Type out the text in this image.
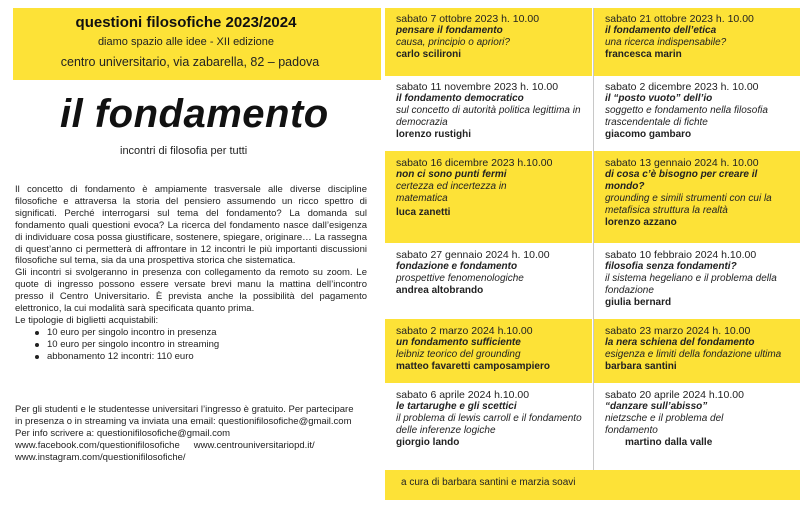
questioni filosofiche 2023/2024
diamo spazio alle idee - XII edizione
centro universitario, via zabarella, 82 – padova
il fondamento
incontri di filosofia per tutti

Il concetto di fondamento è ampiamente trasversale alle diverse discipline filosofiche e attraversa la storia del pensiero assumendo un ricco spettro di significati. Perché interrogarsi sul tema del fondamento? La domanda sul fondamento quali questioni evoca? La ricerca del fondamento nasce dall’esigenza di individuare cosa possa giustificare, sostenere, spiegare, originare… La rassegna di quest’anno ci permetterà di affrontare in 12 incontri le più importanti discussioni filosofiche sul tema, sia da una prospettiva storica che sistematica.

Gli incontri si svolgeranno in presenza con collegamento da remoto su zoom. Le quote di ingresso possono essere versate brevi manu la mattina dell’incontro presso il Centro Universitario. È prevista anche la possibilità del pagamento elettronico, la cui modalità sarà specificata quanto prima.

Le tipologie di biglietti acquistabili:

10 euro per singolo incontro in presenza
10 euro per singolo incontro in streaming
abbonamento 12 incontri: 110 euro
Per gli studenti e le studentesse universitari l’ingresso è gratuito. Per partecipare
in presenza o in streaming va inviata una email: questionifilosofiche@gmail.com
Per info scrivere a: questionifilosofiche@gmail.com
www.facebook.com/questionifilosofiche www.centrouniversitariopd.it/
www.instagram.com/questionifilosofiche/
sabato 7 ottobre 2023 h. 10.00
pensare il fondamento
causa, principio o apriori?
carlo scilironi
sabato 21 ottobre 2023 h. 10.00
il fondamento dell’etica
una ricerca indispensabile?
francesca marin
sabato 11 novembre 2023 h. 10.00
il fondamento democratico
sul concetto di autorità politica legittima in democrazia
lorenzo rustighi
sabato 2 dicembre 2023 h. 10.00
il “posto vuoto” dell’io
soggetto e fondamento nella filosofia trascendentale di fichte
giacomo gambaro
sabato 16 dicembre 2023 h.10.00
non ci sono punti fermi
certezza ed incertezza in matematica
luca zanetti
sabato 13 gennaio 2024 h. 10.00
di cosa c’è bisogno per creare il mondo?
grounding e simili strumenti con cui la metafisica struttura la realtà
lorenzo azzano
sabato 27 gennaio 2024 h. 10.00
fondazione e fondamento
prospettive fenomenologiche
andrea altobrando
sabato 10 febbraio 2024 h.10.00
filosofia senza fondamenti?
il sistema hegeliano e il problema della fondazione
giulia bernard
sabato 2 marzo 2024 h.10.00
un fondamento sufficiente
leibniz teorico del grounding
matteo favaretti camposampiero
sabato 23 marzo 2024 h. 10.00
la nera schiena del fondamento
esigenza e limiti della fondazione ultima
barbara santini
sabato 6 aprile 2024 h.10.00
le tartarughe e gli scettici
il problema di lewis carroll e il fondamento delle inferenze logiche
giorgio lando
sabato 20 aprile 2024 h.10.00
“danzare sull’abisso”
nietzsche e il problema del fondamento
martino dalla valle
a cura di barbara santini e marzia soavi
